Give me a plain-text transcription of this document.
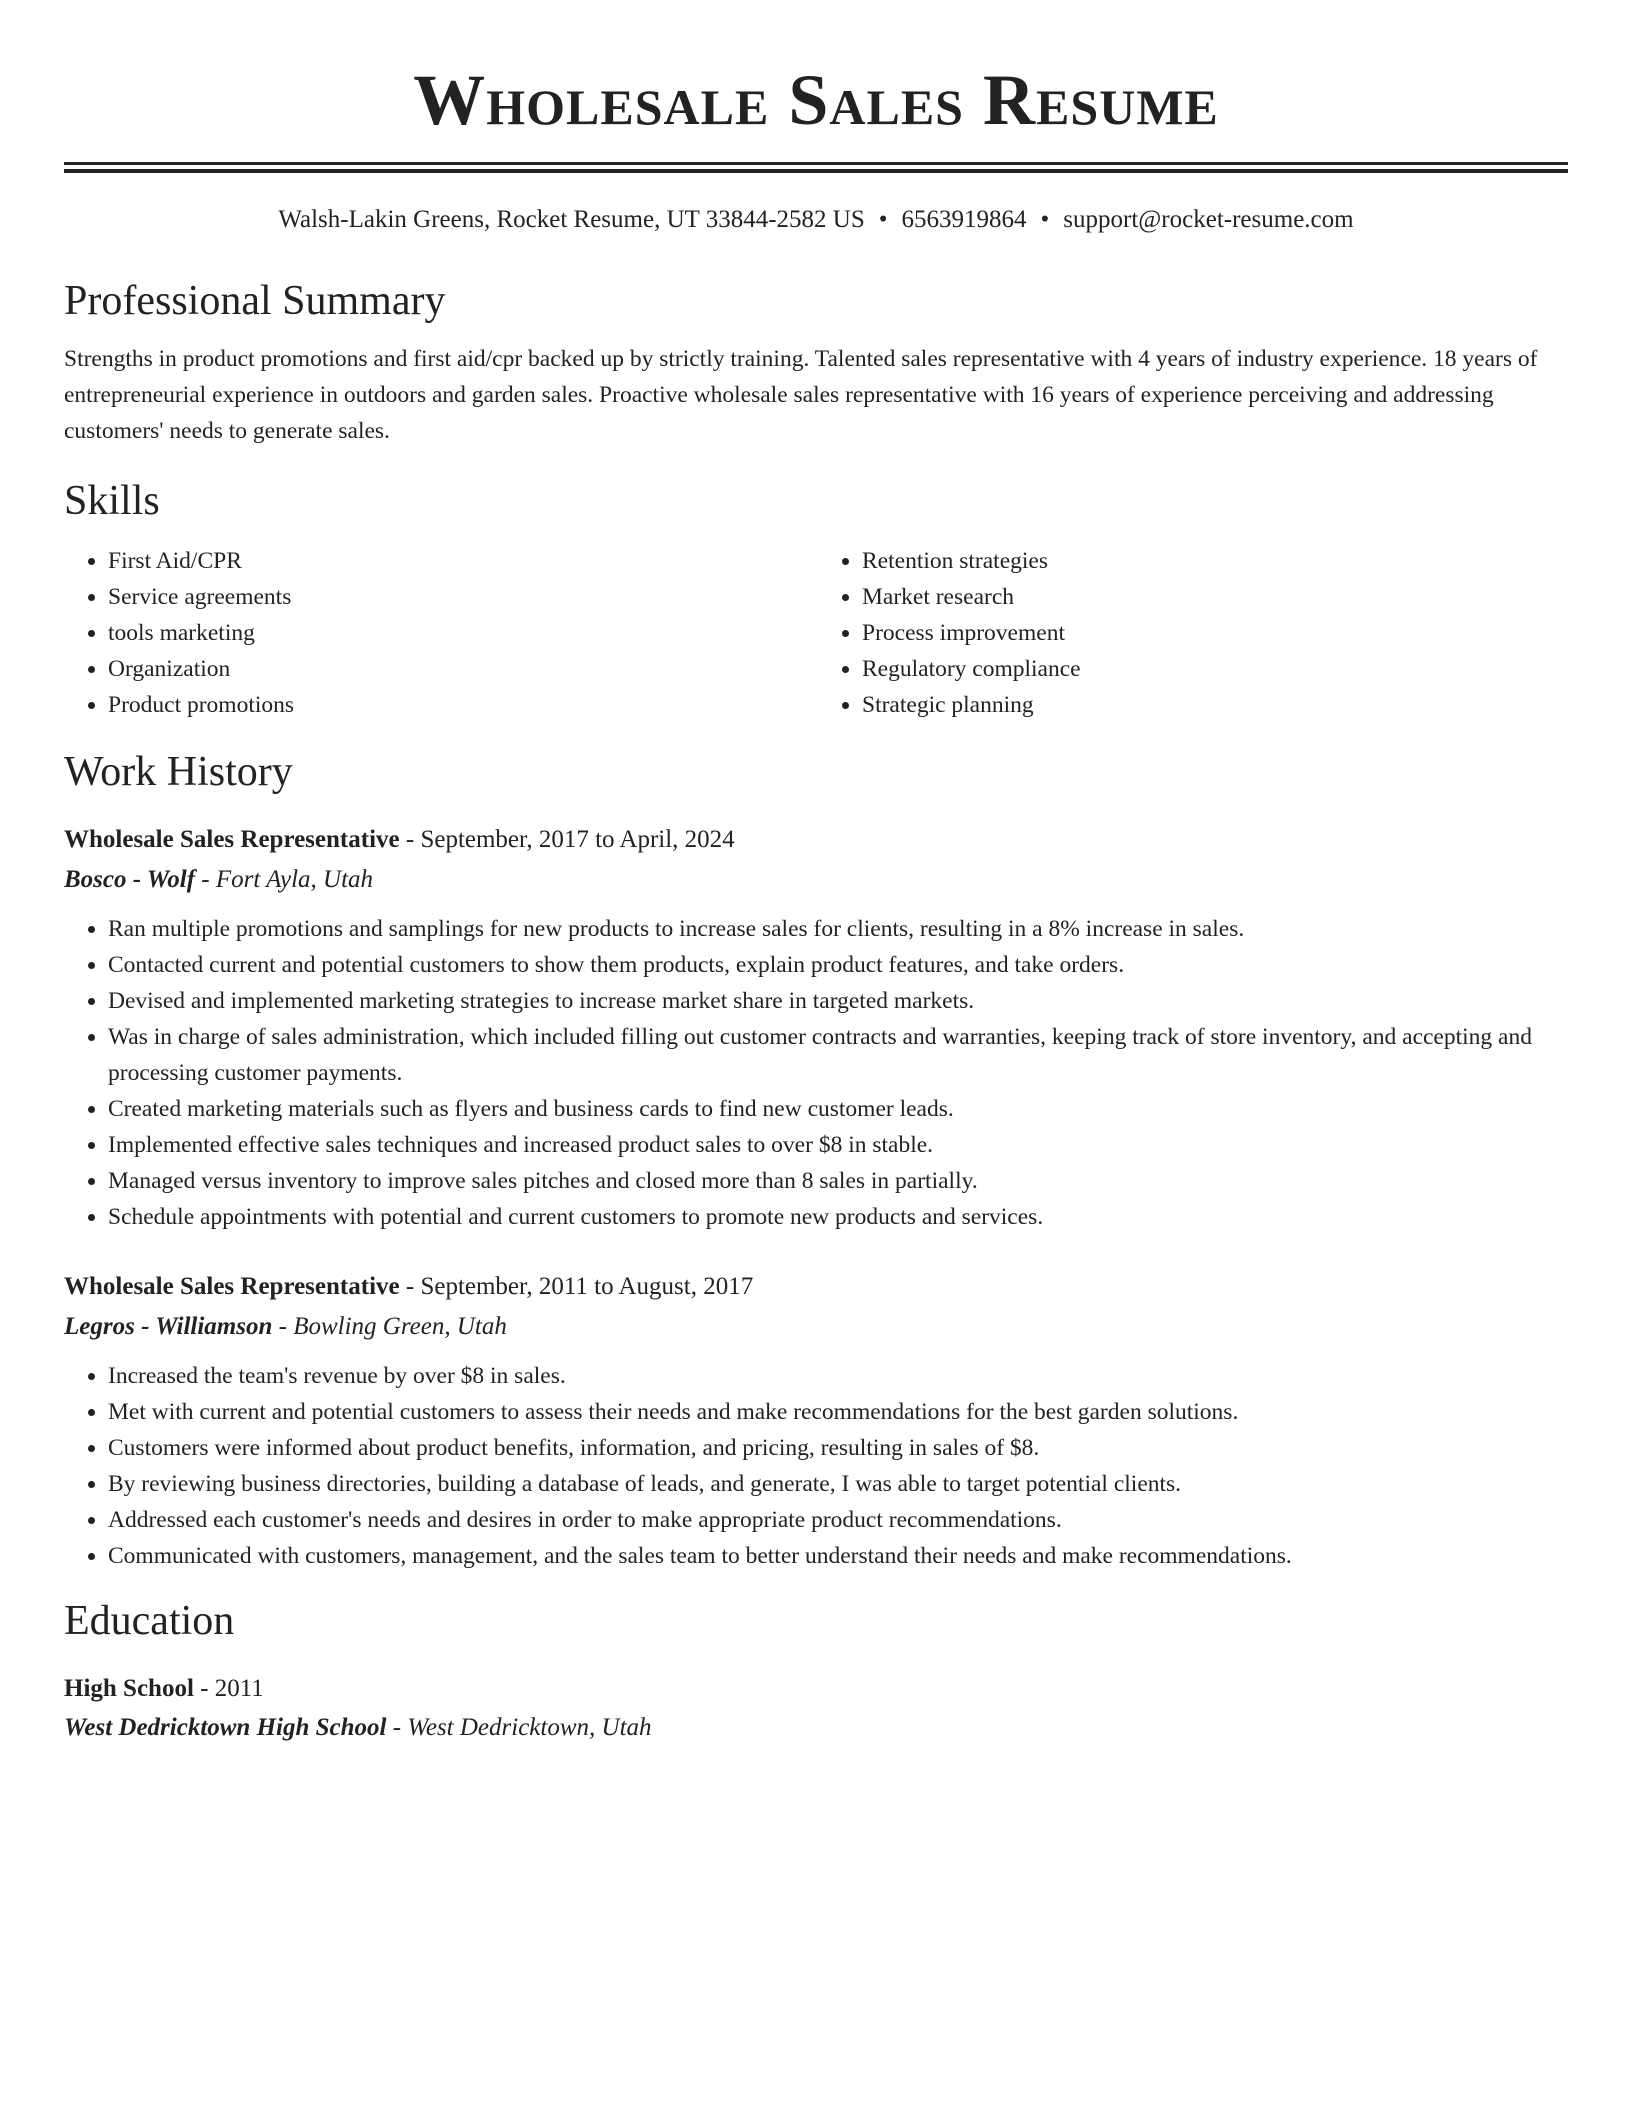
Wholesale Sales Resume
Walsh-Lakin Greens, Rocket Resume, UT 33844-2582 US • 6563919864 • support@rocket-resume.com
Professional Summary

Strengths in product promotions and first aid/cpr backed up by strictly training. Talented sales representative with 4 years of industry experience. 18 years of entrepreneurial experience in outdoors and garden sales. Proactive wholesale sales representative with 16 years of experience perceiving and addressing customers' needs to generate sales.

Skills
• First Aid/CPR
• Service agreements
• tools marketing
• Organization
• Product promotions
• Retention strategies
• Market research
• Process improvement
• Regulatory compliance
• Strategic planning
Work History
Wholesale Sales Representative - September, 2017 to April, 2024
Bosco - Wolf - Fort Ayla, Utah
• Ran multiple promotions and samplings for new products to increase sales for clients, resulting in a 8% increase in sales.
• Contacted current and potential customers to show them products, explain product features, and take orders.
• Devised and implemented marketing strategies to increase market share in targeted markets.
• Was in charge of sales administration, which included filling out customer contracts and warranties, keeping track of store inventory, and accepting and processing customer payments.
• Created marketing materials such as flyers and business cards to find new customer leads.
• Implemented effective sales techniques and increased product sales to over $8 in stable.
• Managed versus inventory to improve sales pitches and closed more than 8 sales in partially.
• Schedule appointments with potential and current customers to promote new products and services.
Wholesale Sales Representative - September, 2011 to August, 2017
Legros - Williamson - Bowling Green, Utah
• Increased the team's revenue by over $8 in sales.
• Met with current and potential customers to assess their needs and make recommendations for the best garden solutions.
• Customers were informed about product benefits, information, and pricing, resulting in sales of $8.
• By reviewing business directories, building a database of leads, and generate, I was able to target potential clients.
• Addressed each customer's needs and desires in order to make appropriate product recommendations.
• Communicated with customers, management, and the sales team to better understand their needs and make recommendations.
Education
High School - 2011
West Dedricktown High School - West Dedricktown, Utah
